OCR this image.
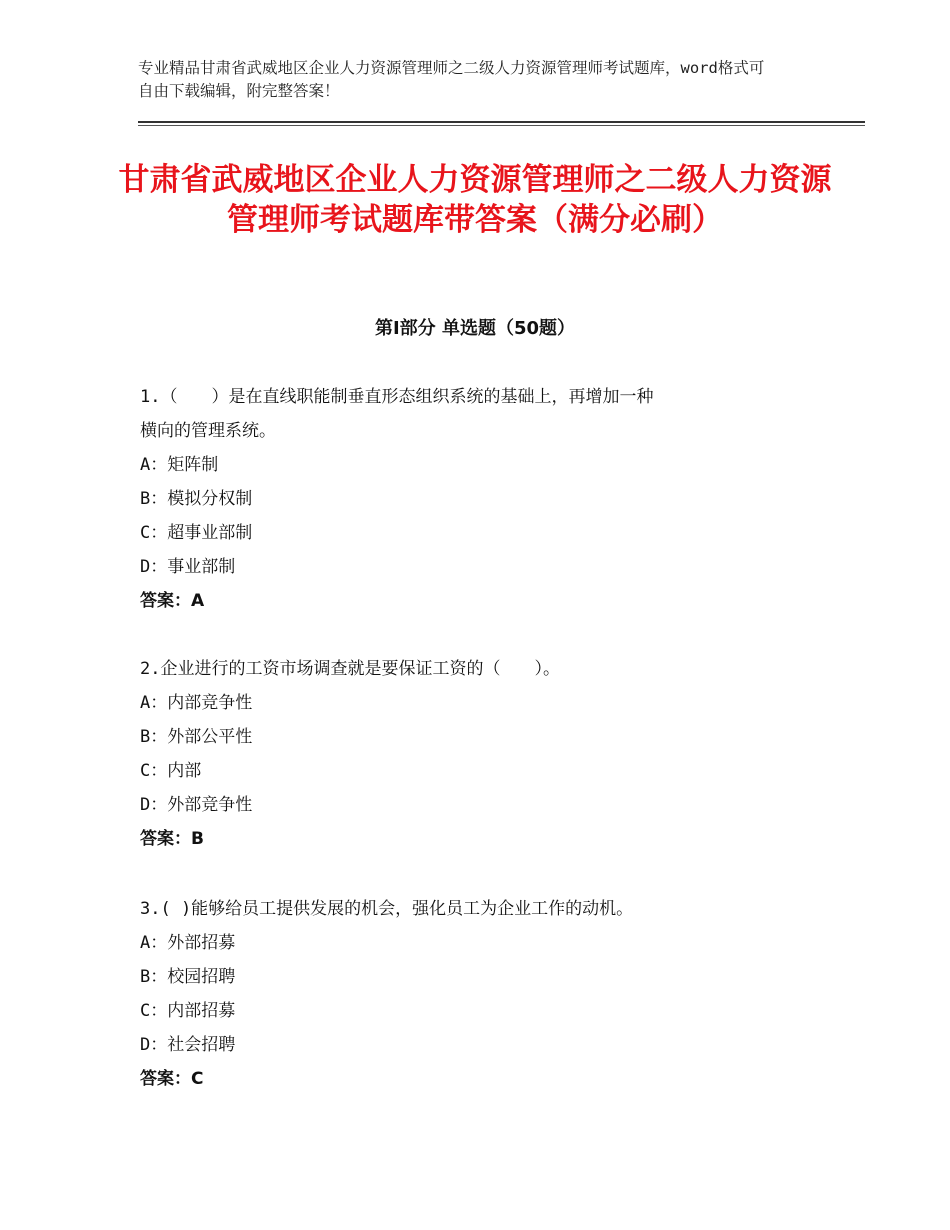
专业精品甘肃省武威地区企业人力资源管理师之二级人力资源管理师考试题库，word格式可自由下载编辑，附完整答案！
甘肃省武威地区企业人力资源管理师之二级人力资源管理师考试题库带答案（满分必刷）
第Ⅰ部分 单选题（50题）
1.（　　）是在直线职能制垂直形态组织系统的基础上，再增加一种
横向的管理系统。
A：矩阵制
B：模拟分权制
C：超事业部制
D：事业部制
答案：A
2.企业进行的工资市场调查就是要保证工资的（　　）。
A：内部竞争性
B：外部公平性
C：内部
D：外部竞争性
答案：B
3.( )能够给员工提供发展的机会，强化员工为企业工作的动机。
A：外部招募
B：校园招聘
C：内部招募
D：社会招聘
答案：C
